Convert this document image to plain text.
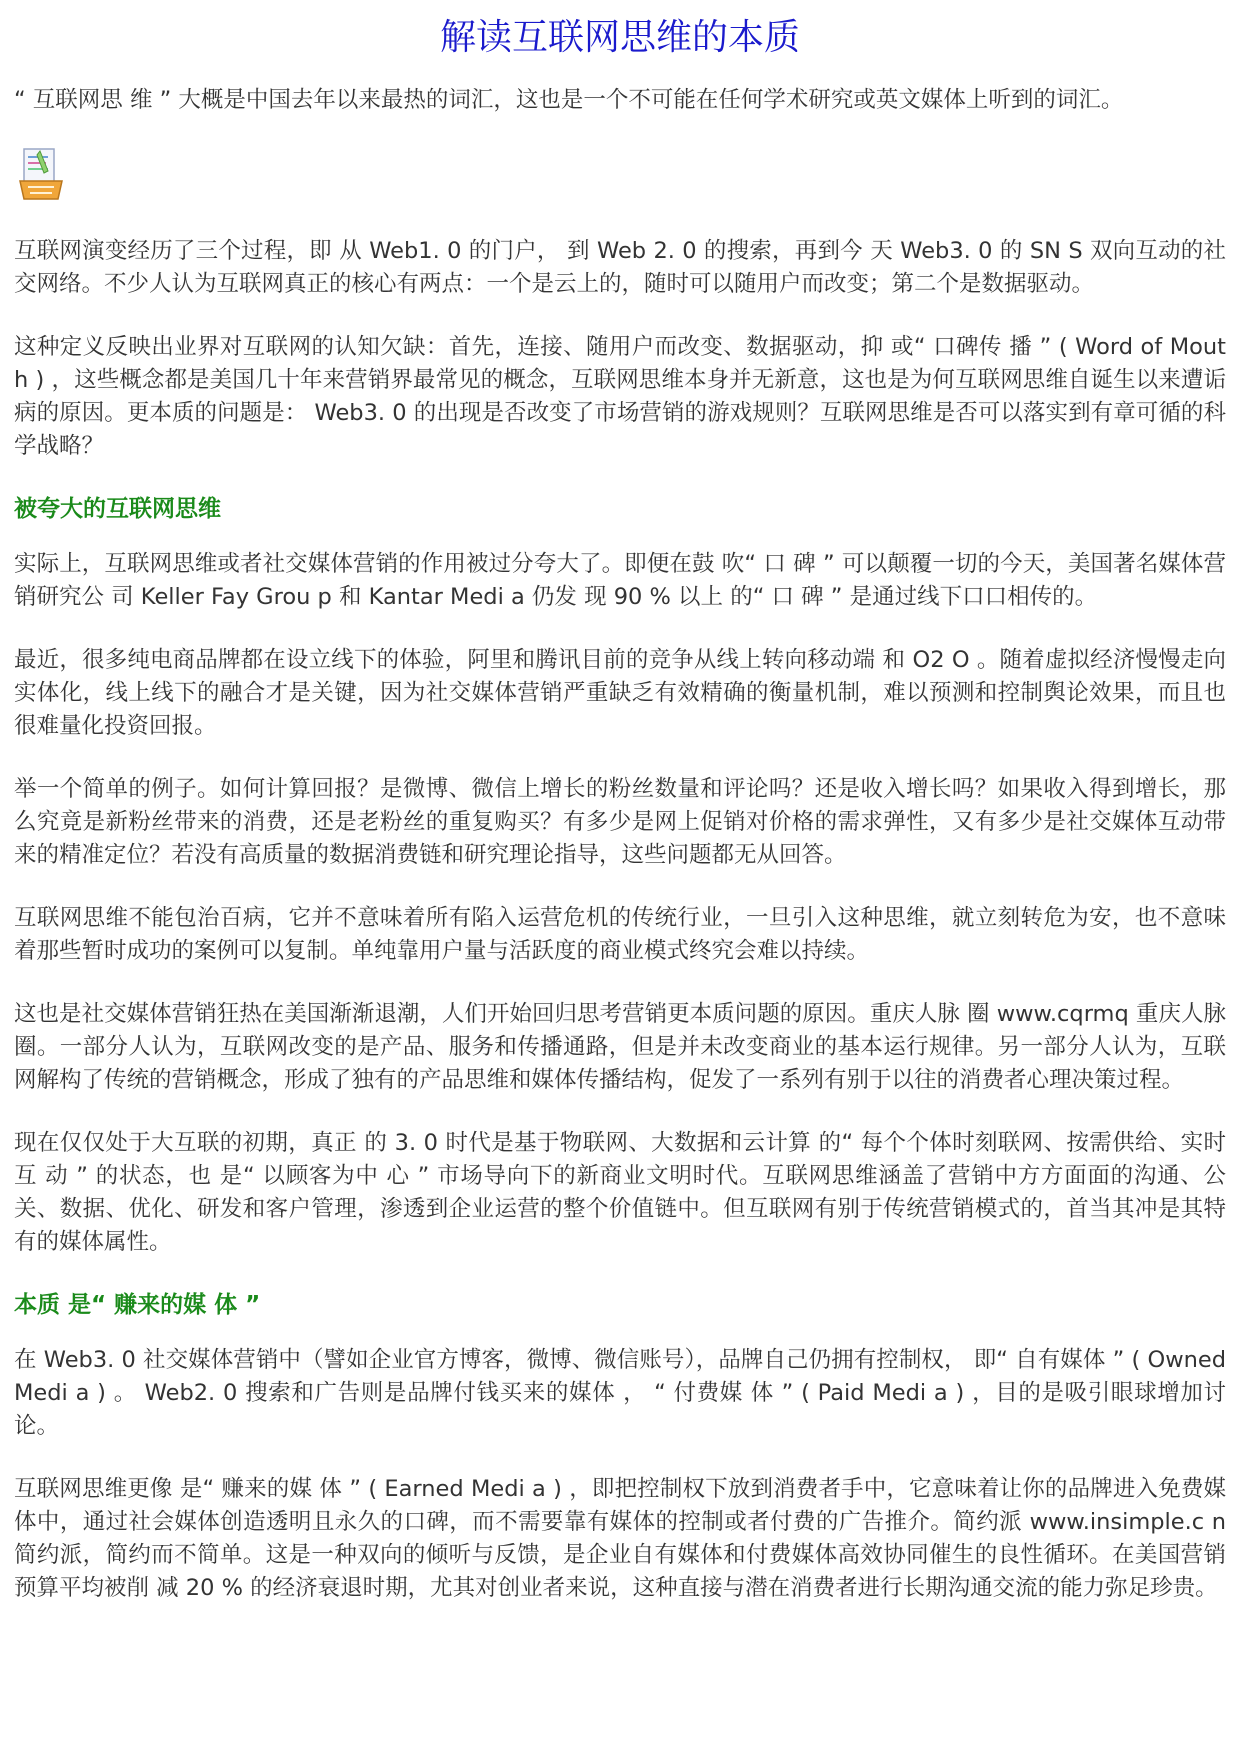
解读互联网思维的本质

“ 互联网思 维 ” 大概是中国去年以来最热的词汇，这也是一个不可能在任何学术研究或英文媒体上听到的词汇。

互联网演变经历了三个过程，即 从 Web1. 0 的门户， 到 Web 2. 0 的搜索，再到今 天 Web3. 0 的 SN S 双向互动的社交网络。不少人认为互联网真正的核心有两点：一个是云上的，随时可以随用户而改变；第二个是数据驱动。

这种定义反映出业界对互联网的认知欠缺：首先，连接、随用户而改变、数据驱动，抑 或“ 口碑传 播 ” ( Word of Mout h ) ，这些概念都是美国几十年来营销界最常见的概念，互联网思维本身并无新意，这也是为何互联网思维自诞生以来遭诟病的原因。更本质的问题是： Web3. 0 的出现是否改变了市场营销的游戏规则？互联网思维是否可以落实到有章可循的科学战略？

被夸大的互联网思维

实际上，互联网思维或者社交媒体营销的作用被过分夸大了。即便在鼓 吹“ 口 碑 ” 可以颠覆一切的今天，美国著名媒体营销研究公 司 Keller Fay Grou p 和 Kantar Medi a 仍发 现 90 % 以上 的“ 口 碑 ” 是通过线下口口相传的。

最近，很多纯电商品牌都在设立线下的体验，阿里和腾讯目前的竞争从线上转向移动端 和 O2 O 。随着虚拟经济慢慢走向实体化，线上线下的融合才是关键，因为社交媒体营销严重缺乏有效精确的衡量机制，难以预测和控制舆论效果，而且也很难量化投资回报。

举一个简单的例子。如何计算回报？是微博、微信上增长的粉丝数量和评论吗？还是收入增长吗？如果收入得到增长，那么究竟是新粉丝带来的消费，还是老粉丝的重复购买？有多少是网上促销对价格的需求弹性，又有多少是社交媒体互动带来的精准定位？若没有高质量的数据消费链和研究理论指导，这些问题都无从回答。

互联网思维不能包治百病，它并不意味着所有陷入运营危机的传统行业，一旦引入这种思维，就立刻转危为安，也不意味着那些暂时成功的案例可以复制。单纯靠用户量与活跃度的商业模式终究会难以持续。

这也是社交媒体营销狂热在美国渐渐退潮，人们开始回归思考营销更本质问题的原因。重庆人脉 圈 www.cqrmq 重庆人脉圈。一部分人认为，互联网改变的是产品、服务和传播通路，但是并未改变商业的基本运行规律。另一部分人认为，互联网解构了传统的营销概念，形成了独有的产品思维和媒体传播结构，促发了一系列有别于以往的消费者心理决策过程。

现在仅仅处于大互联的初期，真正 的 3. 0 时代是基于物联网、大数据和云计算 的“ 每个个体时刻联网、按需供给、实时互 动 ” 的状态，也 是“ 以顾客为中 心 ” 市场导向下的新商业文明时代。互联网思维涵盖了营销中方方面面的沟通、公关、数据、优化、研发和客户管理，渗透到企业运营的整个价值链中。但互联网有别于传统营销模式的，首当其冲是其特有的媒体属性。

本质 是“ 赚来的媒 体 ”

在 Web3. 0 社交媒体营销中（譬如企业官方博客，微博、微信账号），品牌自己仍拥有控制权， 即“ 自有媒体 ” ( Owned Medi a ) 。 Web2. 0 搜索和广告则是品牌付钱买来的媒体 ， “ 付费媒 体 ” ( Paid Medi a ) ，目的是吸引眼球增加讨论。

互联网思维更像 是“ 赚来的媒 体 ” ( Earned Medi a ) ，即把控制权下放到消费者手中，它意味着让你的品牌进入免费媒体中，通过社会媒体创造透明且永久的口碑，而不需要靠有媒体的控制或者付费的广告推介。简约派 www.insimple.c n 简约派，简约而不简单。这是一种双向的倾听与反馈，是企业自有媒体和付费媒体高效协同催生的良性循环。在美国营销预算平均被削 减 20 % 的经济衰退时期，尤其对创业者来说，这种直接与潜在消费者进行长期沟通交流的能力弥足珍贵。
